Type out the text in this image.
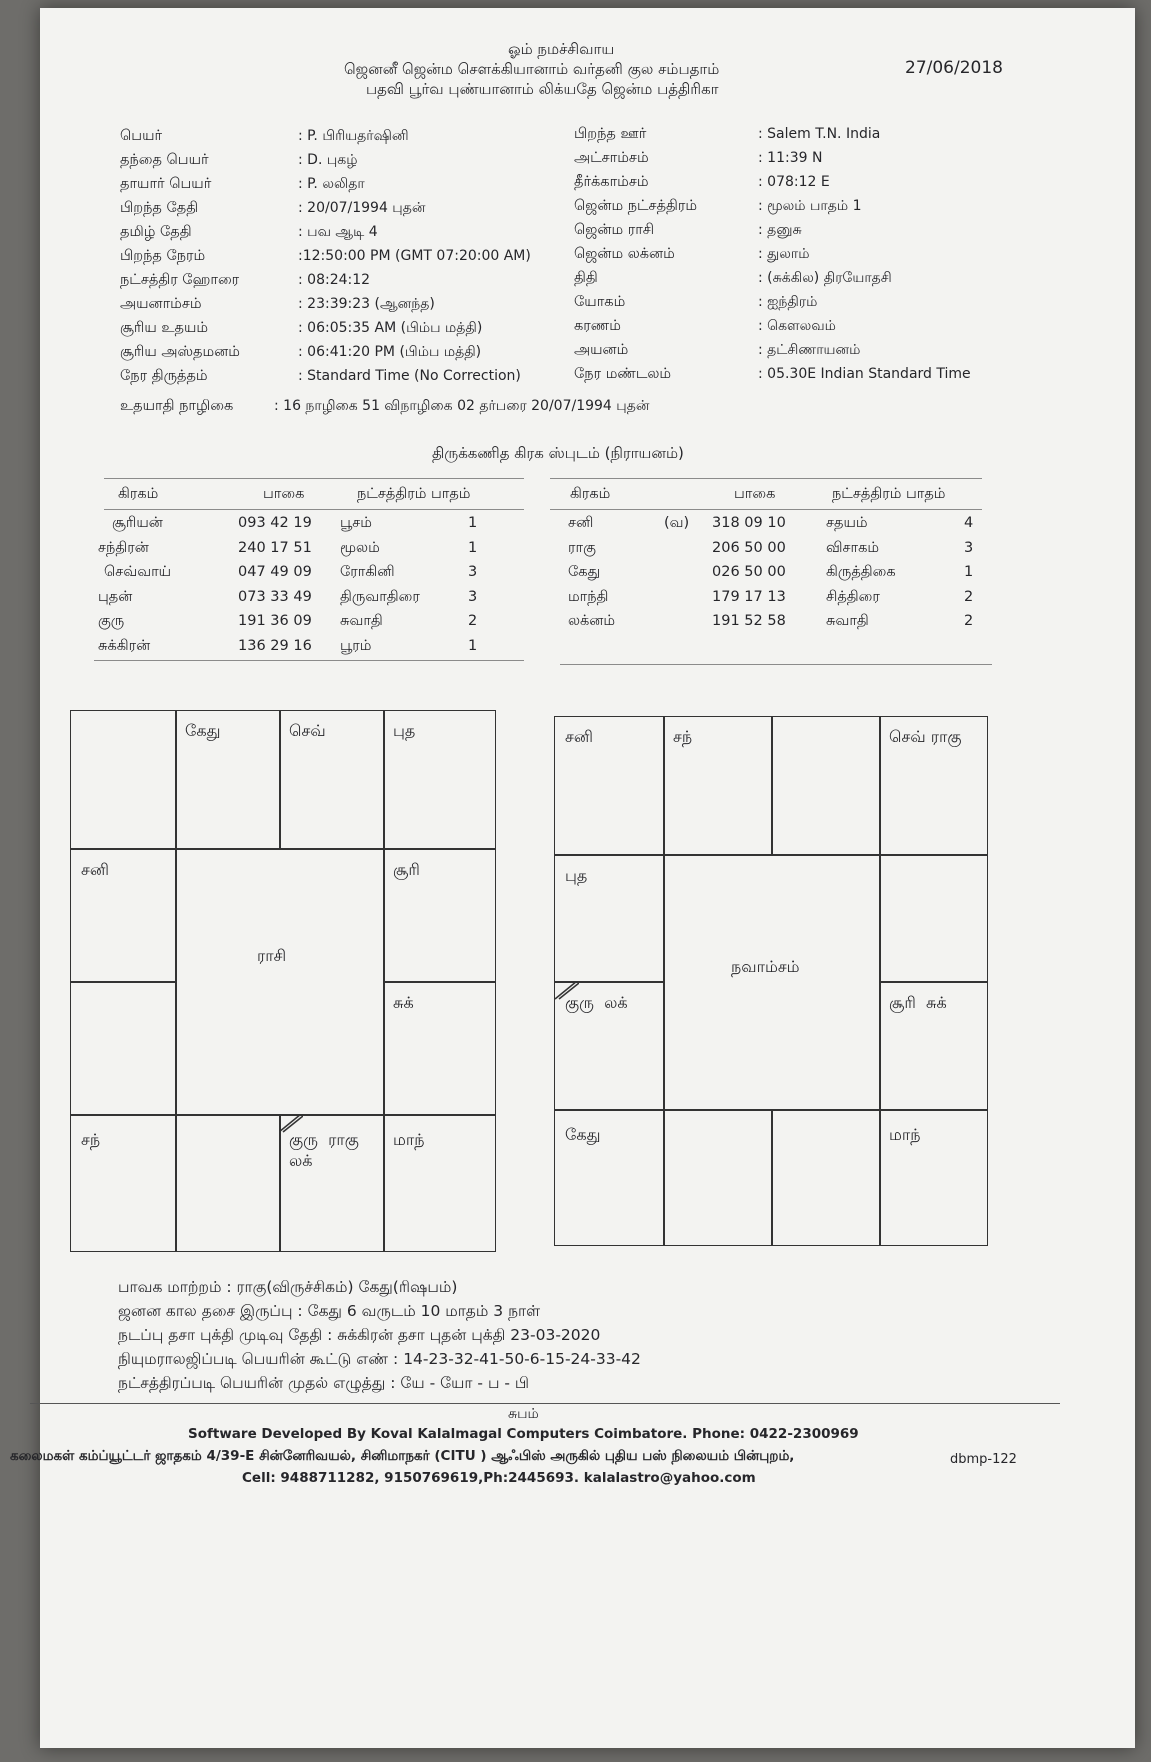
ஓம் நமச்சிவாய
ஜெனனீ ஜென்ம சௌக்கியானாம் வர்தனி குல சம்பதாம்
பதவி பூர்வ புண்யானாம் லிக்யதே ஜென்ம பத்திரிகா
27/06/2018
பெயர்	: P. பிரியதர்ஷினி
தந்தை பெயர்	: D. புகழ்
தாயார் பெயர்	: P. லலிதா
பிறந்த தேதி	: 20/07/1994 புதன்
தமிழ் தேதி	: பவ ஆடி 4
பிறந்த நேரம்	:12:50:00 PM (GMT 07:20:00 AM)
நட்சத்திர ஹோரை	: 08:24:12
அயனாம்சம்	: 23:39:23 (ஆனந்த)
சூரிய உதயம்	: 06:05:35 AM (பிம்ப மத்தி)
சூரிய அஸ்தமனம்	: 06:41:20 PM (பிம்ப மத்தி)
நேர திருத்தம்	: Standard Time (No Correction)
பிறந்த ஊர்	: Salem T.N. India
அட்சாம்சம்	: 11:39 N
தீர்க்காம்சம்	: 078:12 E
ஜென்ம நட்சத்திரம்	: மூலம் பாதம் 1
ஜென்ம ராசி	: தனுசு
ஜென்ம லக்னம்	: துலாம்
திதி	: (சுக்கில) திரயோதசி
யோகம்	: ஐந்திரம்
கரணம்	: கௌலவம்
அயனம்	: தட்சிணாயனம்
நேர மண்டலம்	: 05.30E Indian Standard Time
உதயாதி நாழிகை	: 16 நாழிகை 51 விநாழிகை 02 தர்பரை 20/07/1994 புதன்
திருக்கணித கிரக ஸ்புடம் (நிராயனம்)
கிரகம்	பாகை	நட்சத்திரம் பாதம்
சூரியன்	093 42 19 பூசம்	1
சந்திரன்	240 17 51 மூலம்	1
செவ்வாய்	047 49 09 ரோகினி	3
புதன்	073 33 49 திருவாதிரை	3
குரு	191 36 09 சுவாதி	2
சுக்கிரன்	136 29 16 பூரம்	1
கிரகம்	பாகை	நட்சத்திரம் பாதம்
சனி	(வ) 318 09 10	சதயம்	4
ராகு	206 50 00	விசாகம்	3
கேது	026 50 00	கிருத்திகை	1
மாந்தி	179 17 13	சித்திரை	2
லக்னம்	191 52 58	சுவாதி	2
ராசி
கேது	செவ்	புத
சனி	சூரி
சுக்
சந்	குரு  ராகு
லக்
மாந்
நவாம்சம்
சனி	சந்	செவ் ராகு
புத
குரு  லக்	சூரி  சுக்
கேது	மாந்
பாவக மாற்றம் : ராகு(விருச்சிகம்) கேது(ரிஷபம்)
ஜனன கால தசை இருப்பு : கேது 6 வருடம் 10 மாதம் 3 நாள்
நடப்பு தசா புக்தி முடிவு தேதி : சுக்கிரன் தசா புதன் புக்தி 23-03-2020
நியுமராலஜிப்படி பெயரின் கூட்டு எண் : 14-23-32-41-50-6-15-24-33-42
நட்சத்திரப்படி பெயரின் முதல் எழுத்து : யே - யோ - ப - பி
சுபம்
Software Developed By Koval Kalalmagal Computers Coimbatore. Phone: 0422-2300969
dbmp-122
கலைமகள் கம்ப்யூட்டர் ஜாதகம் 4/39-E சின்னேரிவயல், சினிமாநகர் (CITU ) ஆஃபிஸ் அருகில் புதிய பஸ் நிலையம் பின்புறம்,
Cell: 9488711282, 9150769619,Ph:2445693. kalalastro@yahoo.com
